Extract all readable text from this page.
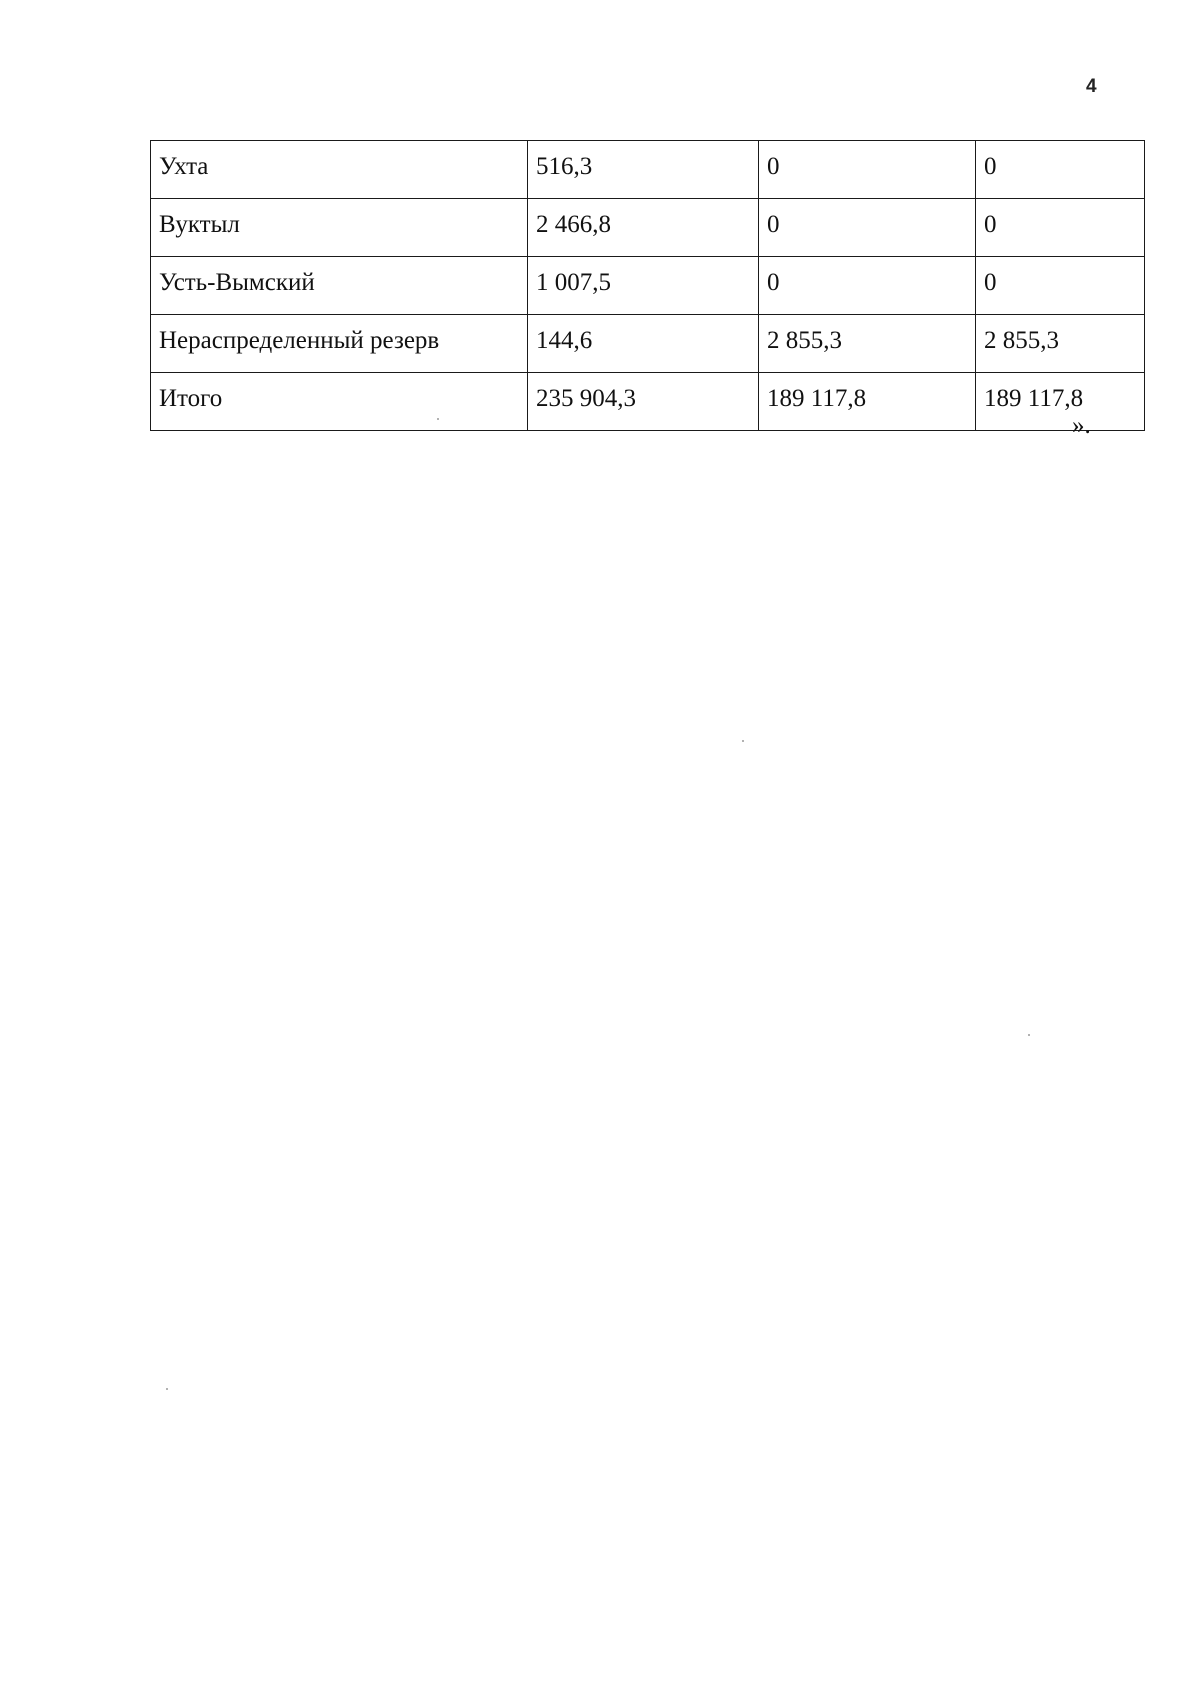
4
Ухта	516,3	0	0
Вуктыл	2 466,8	0	0
Усть-Вымский	1 007,5	0	0
Нераспределенный резерв	144,6	2 855,3	2 855,3
Итого	235 904,3	189 117,8	189 117,8
».
